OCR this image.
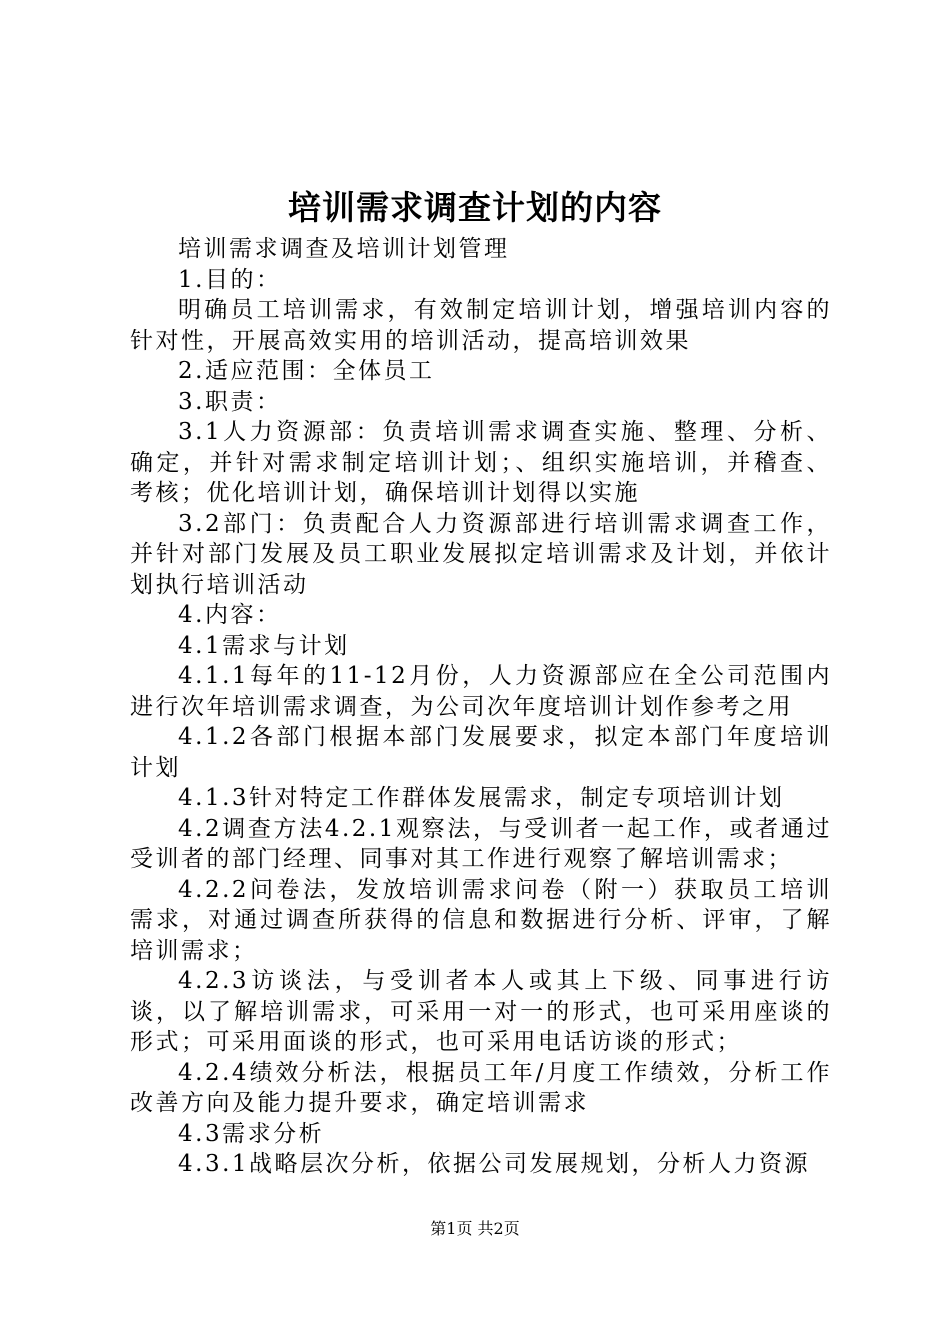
培训需求调查计划的内容

培训需求调查及培训计划管理

1.目的：

明确员工培训需求，有效制定培训计划，增强培训内容的针对性，开展高效实用的培训活动，提高培训效果

2.适应范围：全体员工

3.职责：

3.1人力资源部：负责培训需求调查实施、整理、分析、确定，并针对需求制定培训计划；、组织实施培训，并稽查、考核；优化培训计划，确保培训计划得以实施

3.2部门：负责配合人力资源部进行培训需求调查工作，并针对部门发展及员工职业发展拟定培训需求及计划，并依计划执行培训活动

4.内容：

4.1需求与计划

4.1.1每年的11-12月份，人力资源部应在全公司范围内进行次年培训需求调查，为公司次年度培训计划作参考之用

4.1.2各部门根据本部门发展要求，拟定本部门年度培训计划

4.1.3针对特定工作群体发展需求，制定专项培训计划

4.2调查方法4.2.1观察法，与受训者一起工作，或者通过受训者的部门经理、同事对其工作进行观察了解培训需求；

4.2.2问卷法，发放培训需求问卷（附一）获取员工培训需求，对通过调查所获得的信息和数据进行分析、评审，了解培训需求；

4.2.3访谈法，与受训者本人或其上下级、同事进行访谈，以了解培训需求，可采用一对一的形式，也可采用座谈的形式；可采用面谈的形式，也可采用电话访谈的形式；

4.2.4绩效分析法，根据员工年/月度工作绩效，分析工作改善方向及能力提升要求，确定培训需求

4.3需求分析

4.3.1战略层次分析，依据公司发展规划，分析人力资源

第1页 共2页
